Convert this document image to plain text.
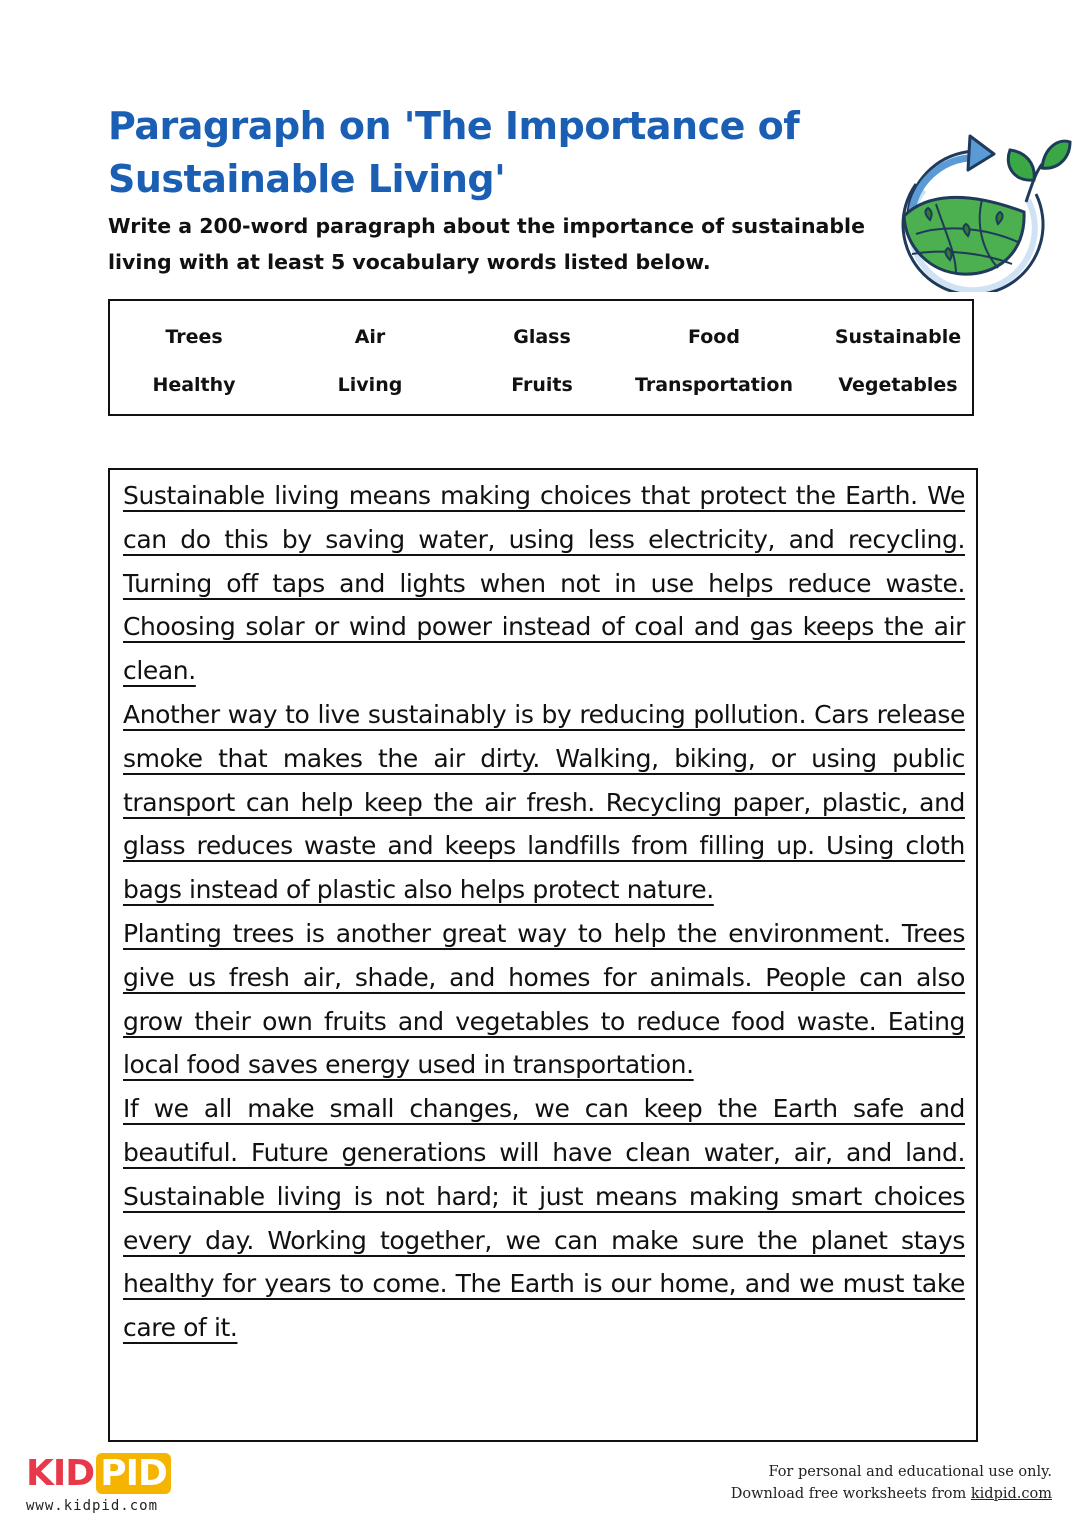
Paragraph on 'The Importance of Sustainable Living'
Write a 200-word paragraph about the importance of sustainable living with at least 5 vocabulary words listed below.
Trees	Air	Glass	Food	Sustainable
Healthy	Living	Fruits	Transportation	Vegetables

Sustainable living means making choices that protect the Earth. We can do this by saving water, using less electricity, and recycling. Turning off taps and lights when not in use helps reduce waste. Choosing solar or wind power instead of coal and gas keeps the air clean.

Another way to live sustainably is by reducing pollution. Cars release smoke that makes the air dirty. Walking, biking, or using public transport can help keep the air fresh. Recycling paper, plastic, and glass reduces waste and keeps landfills from filling up. Using cloth bags instead of plastic also helps protect nature.

Planting trees is another great way to help the environment. Trees give us fresh air, shade, and homes for animals. People can also grow their own fruits and vegetables to reduce food waste. Eating local food saves energy used in transportation.

If we all make small changes, we can keep the Earth safe and beautiful. Future generations will have clean water, air, and land. Sustainable living is not hard; it just means making smart choices every day. Working together, we can make sure the planet stays healthy for years to come. The Earth is our home, and we must take care of it.

KID PID
www.kidpid.com
For personal and educational use only.
Download free worksheets from kidpid.com
